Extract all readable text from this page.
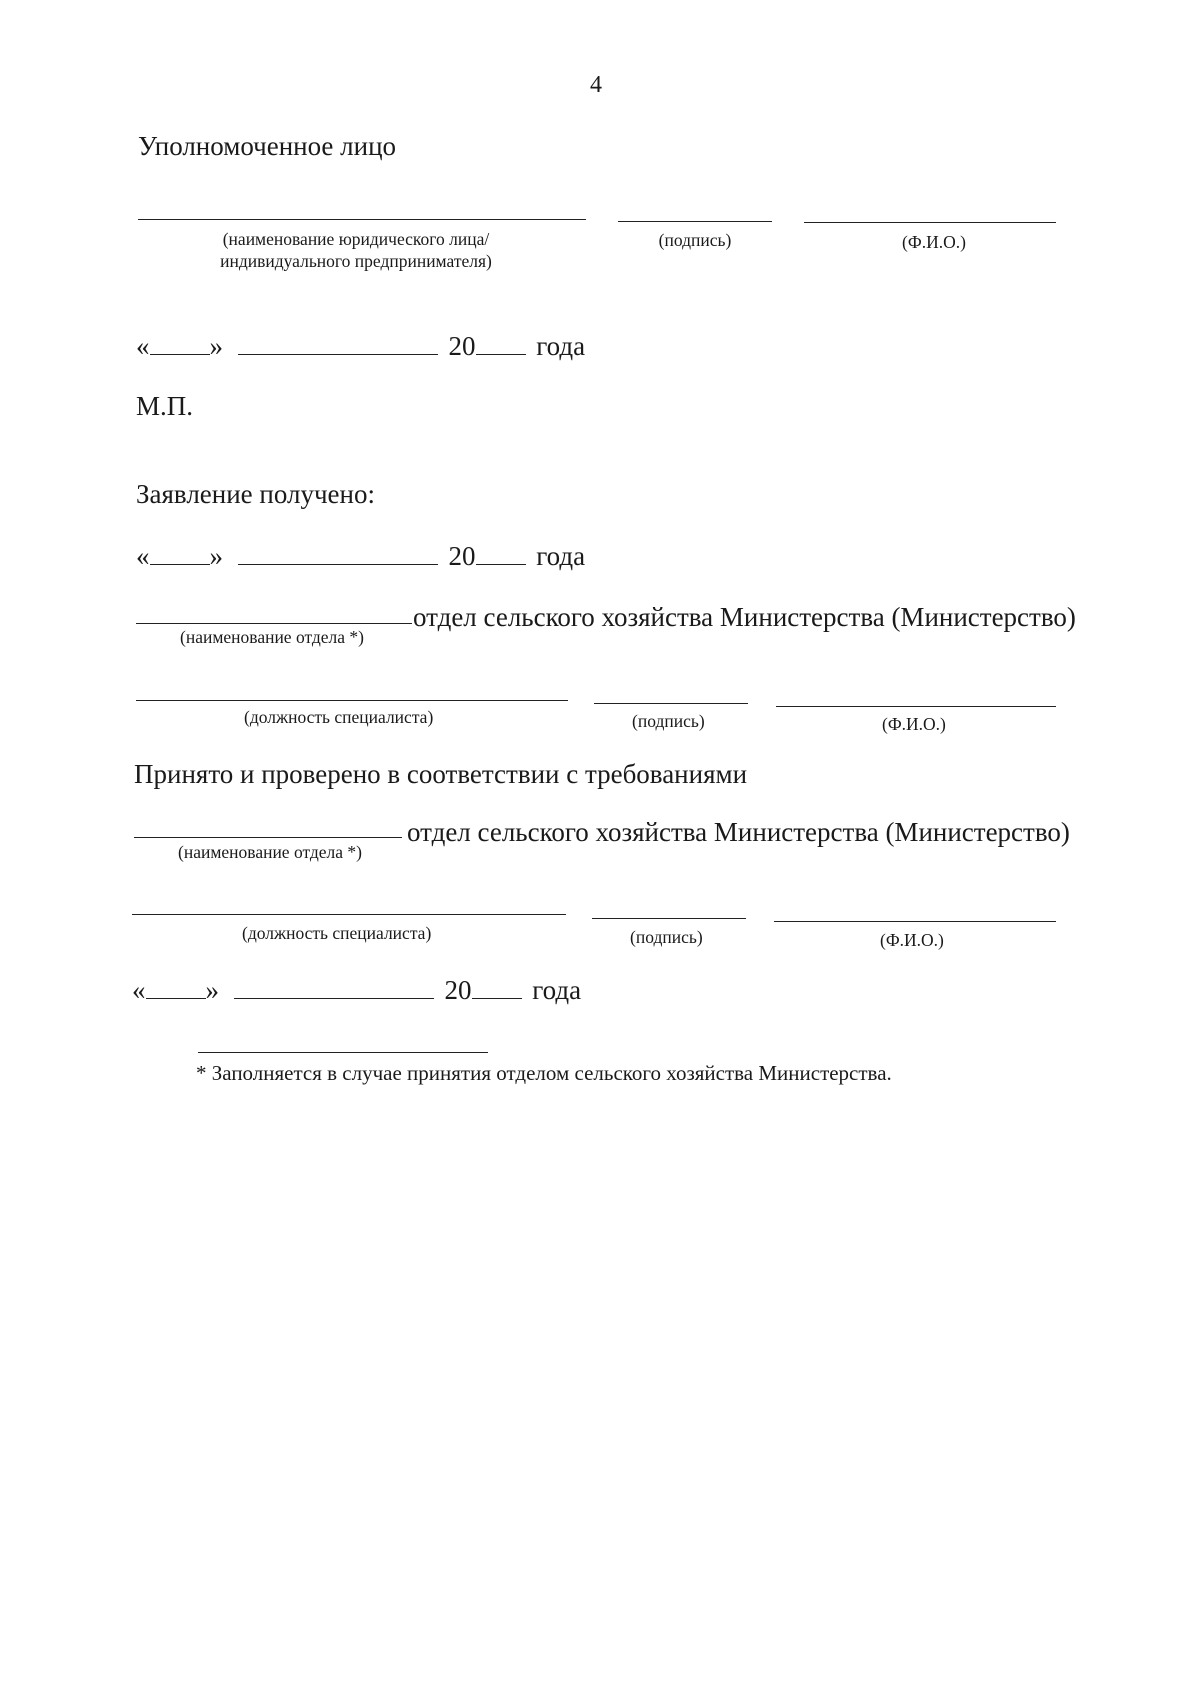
4
Уполномоченное лицо
(наименование юридического лица/
индивидуального предпринимателя)
(подпись)	(Ф.И.О.)
« »	20 года
М.П.
Заявление получено:
« »	20 года
отдел сельского хозяйства Министерства (Министерство)
(наименование отдела *)
(должность специалиста)	(подпись)	(Ф.И.О.)
Принято и проверено в соответствии с требованиями
отдел сельского хозяйства Министерства (Министерство)
(наименование отдела *)
(должность специалиста)	(подпись)	(Ф.И.О.)
« »	20 года
* Заполняется в случае принятия отделом сельского хозяйства Министерства.
